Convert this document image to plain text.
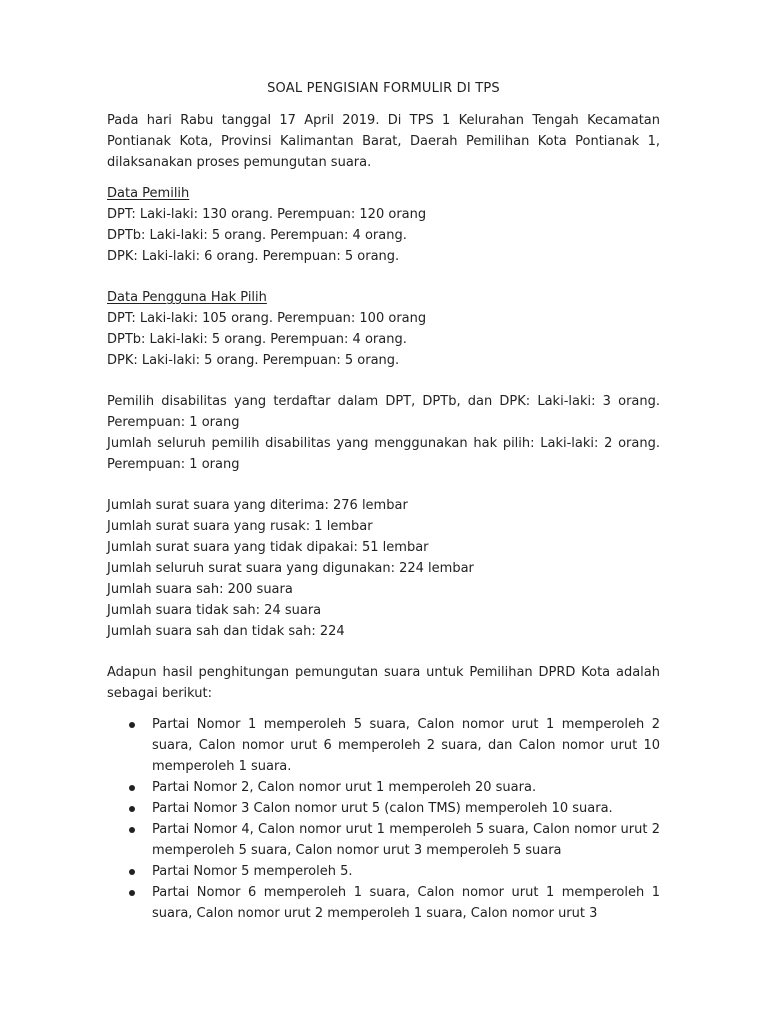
SOAL PENGISIAN FORMULIR DI TPS

Pada hari Rabu tanggal 17 April 2019. Di TPS 1 Kelurahan Tengah Kecamatan Pontianak Kota, Provinsi Kalimantan Barat, Daerah Pemilihan Kota Pontianak 1, dilaksanakan proses pemungutan suara.

Data Pemilih
DPT: Laki-laki: 130 orang. Perempuan: 120 orang
DPTb: Laki-laki: 5 orang. Perempuan: 4 orang.
DPK: Laki-laki: 6 orang. Perempuan: 5 orang.
Data Pengguna Hak Pilih
DPT: Laki-laki: 105 orang. Perempuan: 100 orang
DPTb: Laki-laki: 5 orang. Perempuan: 4 orang.
DPK: Laki-laki: 5 orang. Perempuan: 5 orang.

Pemilih disabilitas yang terdaftar dalam DPT, DPTb, dan DPK: Laki-laki: 3 orang. Perempuan: 1 orang

Jumlah seluruh pemilih disabilitas yang menggunakan hak pilih: Laki-laki: 2 orang. Perempuan: 1 orang

Jumlah surat suara yang diterima: 276 lembar
Jumlah surat suara yang rusak: 1 lembar
Jumlah surat suara yang tidak dipakai: 51 lembar
Jumlah seluruh surat suara yang digunakan: 224 lembar
Jumlah suara sah: 200 suara
Jumlah suara tidak sah: 24 suara
Jumlah suara sah dan tidak sah: 224

Adapun hasil penghitungan pemungutan suara untuk Pemilihan DPRD Kota adalah sebagai berikut:

Partai Nomor 1 memperoleh 5 suara, Calon nomor urut 1 memperoleh 2 suara, Calon nomor urut 6 memperoleh 2 suara, dan Calon nomor urut 10 memperoleh 1 suara.
Partai Nomor 2, Calon nomor urut 1 memperoleh 20 suara.
Partai Nomor 3 Calon nomor urut 5 (calon TMS) memperoleh 10 suara.
Partai Nomor 4, Calon nomor urut 1 memperoleh 5 suara, Calon nomor urut 2 memperoleh 5 suara, Calon nomor urut 3 memperoleh 5 suara
Partai Nomor 5 memperoleh 5.
Partai Nomor 6 memperoleh 1 suara, Calon nomor urut 1 memperoleh 1 suara, Calon nomor urut 2 memperoleh 1 suara, Calon nomor urut 3
